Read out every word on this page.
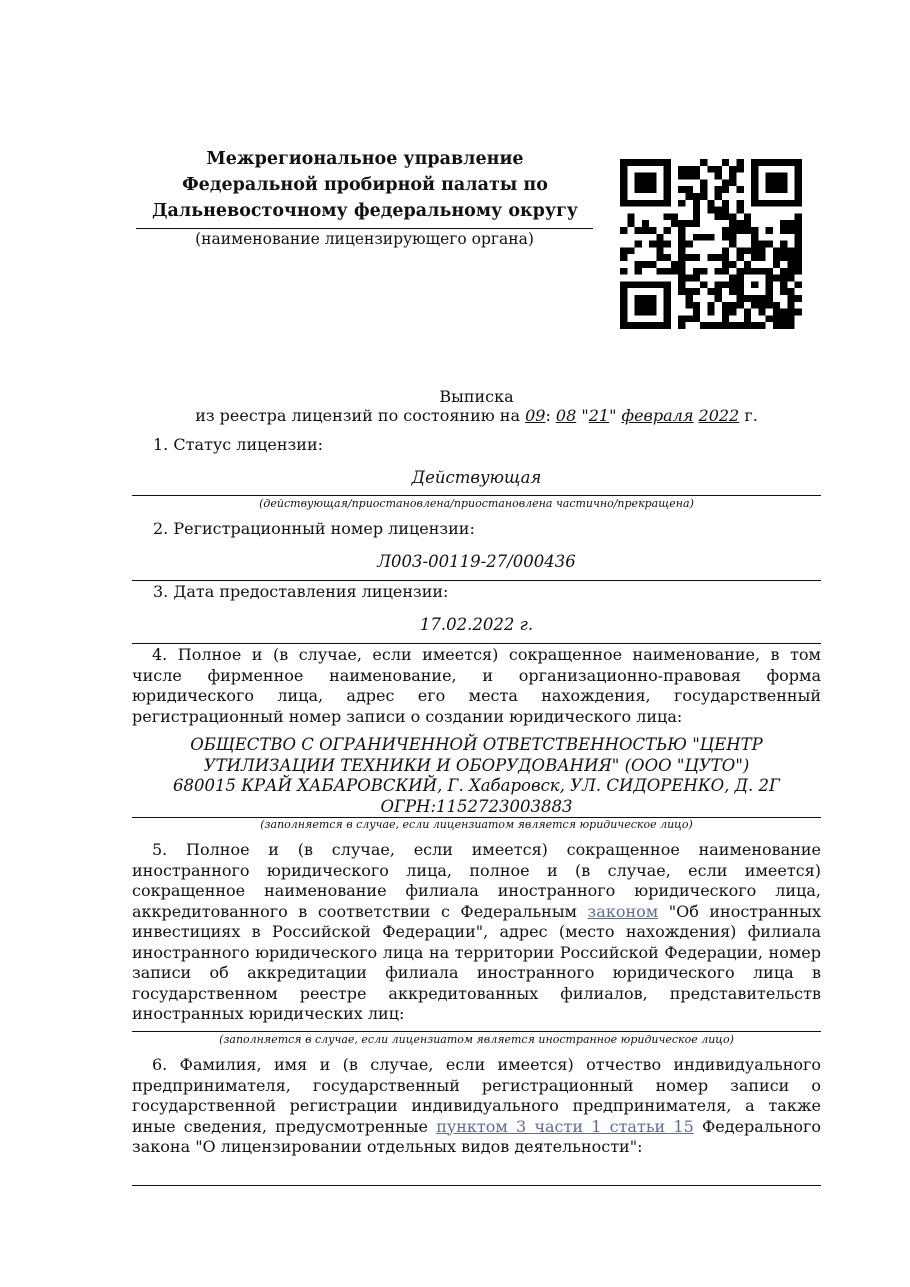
Межрегиональное управление
Федеральной пробирной палаты по
Дальневосточному федеральному округу
(наименование лицензирующего органа)
Выписка
из реестра лицензий по состоянию на 09: 08 "21" февраля 2022 г.
1. Статус лицензии:
Действующая
(действующая/приостановлена/приостановлена частично/прекращена)
2. Регистрационный номер лицензии:
Л003-00119-27/000436
3. Дата предоставления лицензии:
17.02.2022 г.
4. Полное и (в случае, если имеется) сокращенное наименование, в том числе фирменное наименование, и организационно-правовая форма юридического лица, адрес его места нахождения, государственный регистрационный номер записи о создании юридического лица:
ОБЩЕСТВО С ОГРАНИЧЕННОЙ ОТВЕТСТВЕННОСТЬЮ "ЦЕНТР
УТИЛИЗАЦИИ ТЕХНИКИ И ОБОРУДОВАНИЯ" (ООО "ЦУТО")
680015 КРАЙ ХАБАРОВСКИЙ, Г. Хабаровск, УЛ. СИДОРЕНКО, Д. 2Г
ОГРН:1152723003883
(заполняется в случае, если лицензиатом является юридическое лицо)
5. Полное и (в случае, если имеется) сокращенное наименование иностранного юридического лица, полное и (в случае, если имеется) сокращенное наименование филиала иностранного юридического лица, аккредитованного в соответствии с Федеральным законом "Об иностранных инвестициях в Российской Федерации", адрес (место нахождения) филиала иностранного юридического лица на территории Российской Федерации, номер записи об аккредитации филиала иностранного юридического лица в государственном реестре аккредитованных филиалов, представительств иностранных юридических лиц:
(заполняется в случае, если лицензиатом является иностранное юридическое лицо)
6. Фамилия, имя и (в случае, если имеется) отчество индивидуального предпринимателя, государственный регистрационный номер записи о государственной регистрации индивидуального предпринимателя, а также иные сведения, предусмотренные пунктом 3 части 1 статьи 15 Федерального закона "О лицензировании отдельных видов деятельности":
